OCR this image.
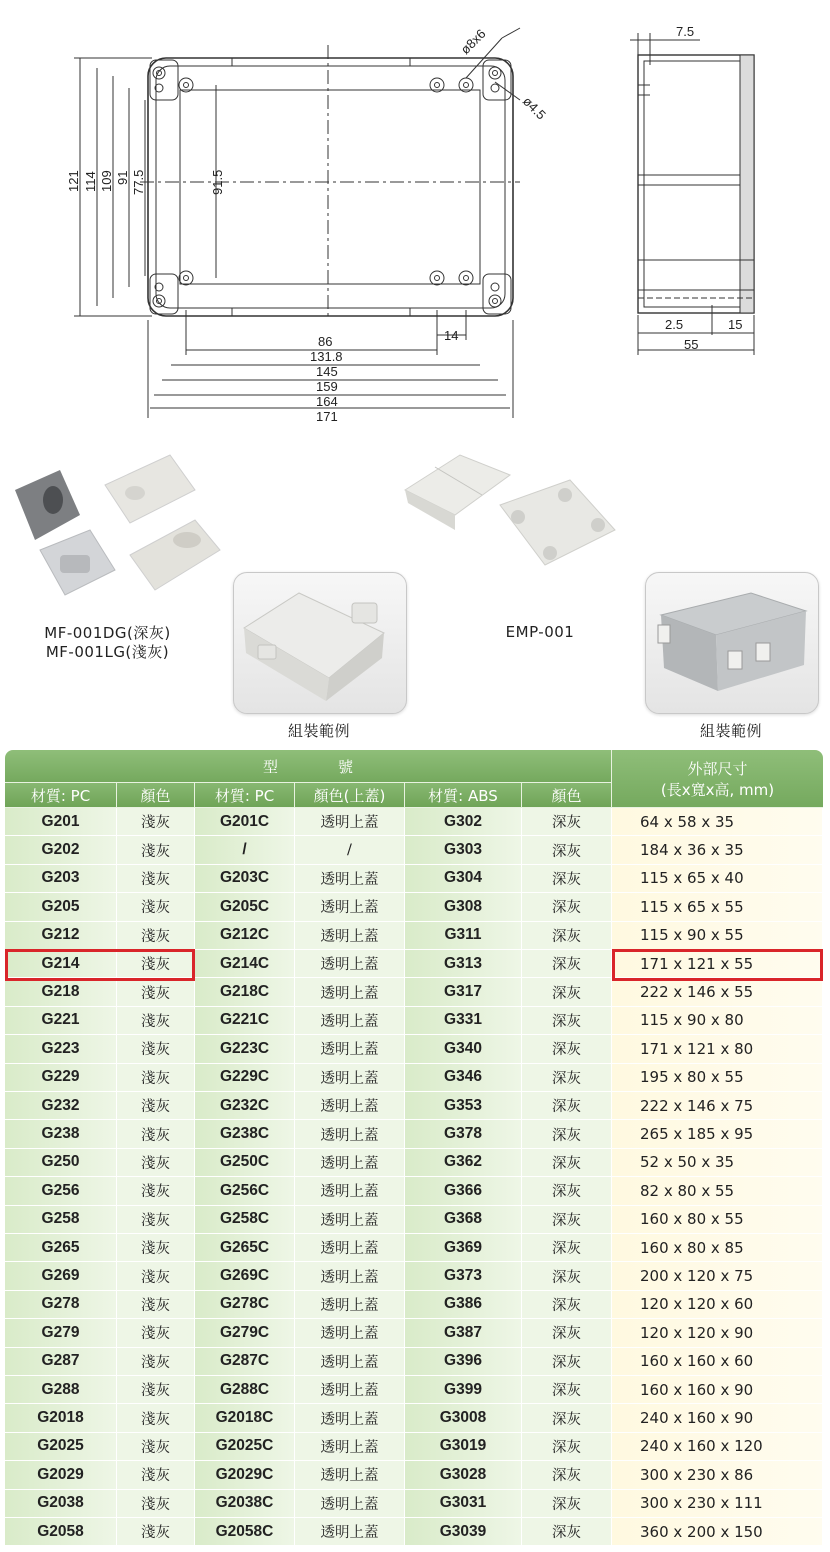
121 114 109 91 77.5	91.5
86	14
131.8
145
159
164
171
ø8x6
ø4.5
7.5
2.5	15
55
MF-001DG(深灰)
MF-001LG(淺灰)
組裝範例
EMP-001
組裝範例
型　　　　號	外部尺寸
(長x寬x高, mm)
材質: PC	顏色	材質: PC	顏色(上蓋)	材質: ABS	顏色
G201	淺灰	G201C	透明上蓋	G302	深灰	64 x 58 x 35
G202	淺灰	/	/	G303	深灰	184 x 36 x 35
G203	淺灰	G203C	透明上蓋	G304	深灰	115 x 65 x 40
G205	淺灰	G205C	透明上蓋	G308	深灰	115 x 65 x 55
G212	淺灰	G212C	透明上蓋	G311	深灰	115 x 90 x 55
G214	淺灰	G214C	透明上蓋	G313	深灰	171 x 121 x 55
G218	淺灰	G218C	透明上蓋	G317	深灰	222 x 146 x 55
G221	淺灰	G221C	透明上蓋	G331	深灰	115 x 90 x 80
G223	淺灰	G223C	透明上蓋	G340	深灰	171 x 121 x 80
G229	淺灰	G229C	透明上蓋	G346	深灰	195 x 80 x 55
G232	淺灰	G232C	透明上蓋	G353	深灰	222 x 146 x 75
G238	淺灰	G238C	透明上蓋	G378	深灰	265 x 185 x 95
G250	淺灰	G250C	透明上蓋	G362	深灰	52 x 50 x 35
G256	淺灰	G256C	透明上蓋	G366	深灰	82 x 80 x 55
G258	淺灰	G258C	透明上蓋	G368	深灰	160 x 80 x 55
G265	淺灰	G265C	透明上蓋	G369	深灰	160 x 80 x 85
G269	淺灰	G269C	透明上蓋	G373	深灰	200 x 120 x 75
G278	淺灰	G278C	透明上蓋	G386	深灰	120 x 120 x 60
G279	淺灰	G279C	透明上蓋	G387	深灰	120 x 120 x 90
G287	淺灰	G287C	透明上蓋	G396	深灰	160 x 160 x 60
G288	淺灰	G288C	透明上蓋	G399	深灰	160 x 160 x 90
G2018	淺灰	G2018C	透明上蓋	G3008	深灰	240 x 160 x 90
G2025	淺灰	G2025C	透明上蓋	G3019	深灰	240 x 160 x 120
G2029	淺灰	G2029C	透明上蓋	G3028	深灰	300 x 230 x 86
G2038	淺灰	G2038C	透明上蓋	G3031	深灰	300 x 230 x 111
G2058	淺灰	G2058C	透明上蓋	G3039	深灰	360 x 200 x 150
